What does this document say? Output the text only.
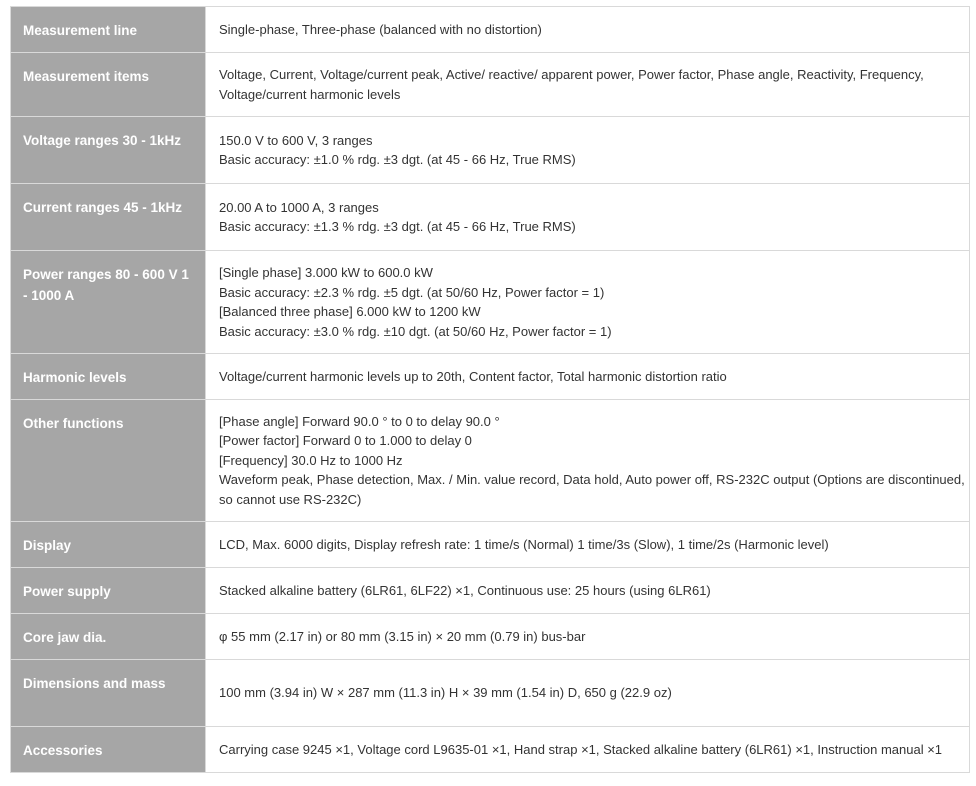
Measurement line	Single-phase, Three-phase (balanced with no distortion)

Measurement items	Voltage, Current, Voltage/current peak, Active/ reactive/ apparent power, Power factor, Phase angle, Reactivity, Frequency,
Voltage/current harmonic levels

Voltage ranges 30 - 1kHz	150.0 V to 600 V, 3 ranges
Basic accuracy: ±1.0 % rdg. ±3 dgt. (at 45 - 66 Hz, True RMS)

Current ranges 45 - 1kHz	20.00 A to 1000 A, 3 ranges
Basic accuracy: ±1.3 % rdg. ±3 dgt. (at 45 - 66 Hz, True RMS)

Power ranges 80 - 600 V 1 - 1000 A	[Single phase] 3.000 kW to 600.0 kW
Basic accuracy: ±2.3 % rdg. ±5 dgt. (at 50/60 Hz, Power factor = 1)
[Balanced three phase] 6.000 kW to 1200 kW
Basic accuracy: ±3.0 % rdg. ±10 dgt. (at 50/60 Hz, Power factor = 1)

Harmonic levels	Voltage/current harmonic levels up to 20th, Content factor, Total harmonic distortion ratio

Other functions	[Phase angle] Forward 90.0 ° to 0 to delay 90.0 °
[Power factor] Forward 0 to 1.000 to delay 0
[Frequency] 30.0 Hz to 1000 Hz
Waveform peak, Phase detection, Max. / Min. value record, Data hold, Auto power off, RS-232C output (Options are discontinued,
so cannot use RS-232C)

Display	LCD, Max. 6000 digits, Display refresh rate: 1 time/s (Normal) 1 time/3s (Slow), 1 time/2s (Harmonic level)

Power supply	Stacked alkaline battery (6LR61, 6LF22) ×1, Continuous use: 25 hours (using 6LR61)

Core jaw dia.	φ 55 mm (2.17 in) or 80 mm (3.15 in) × 20 mm (0.79 in) bus-bar

Dimensions and mass	100 mm (3.94 in) W × 287 mm (11.3 in) H × 39 mm (1.54 in) D, 650 g (22.9 oz)

Accessories	Carrying case 9245 ×1, Voltage cord L9635-01 ×1, Hand strap ×1, Stacked alkaline battery (6LR61) ×1, Instruction manual ×1
